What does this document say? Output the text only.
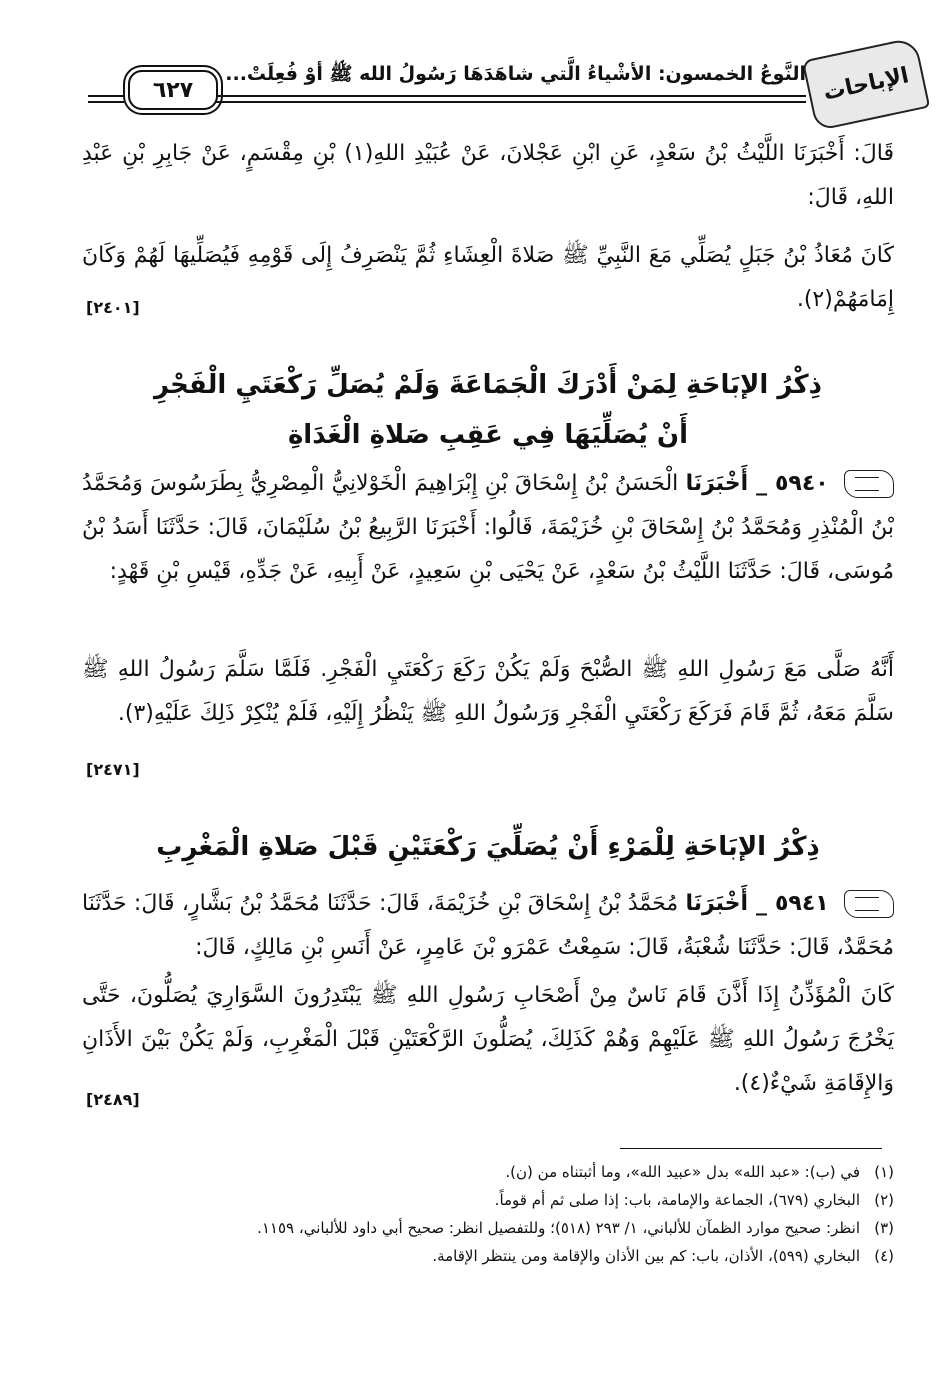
الإباحات
النَّوعُ الخمسون: الأشْياءُ الَّتي شاهَدَهَا رَسُولُ الله ﷺ أوْ فُعِلَتْ...
٦٢٧

قَالَ: أَخْبَرَنَا اللَّيْثُ بْنُ سَعْدٍ، عَنِ ابْنِ عَجْلانَ، عَنْ عُبَيْدِ اللهِ(١) بْنِ مِقْسَمٍ، عَنْ جَابِرِ بْنِ عَبْدِ اللهِ، قَالَ:

كَانَ مُعَاذُ بْنُ جَبَلٍ يُصَلِّي مَعَ النَّبِيِّ ﷺ صَلاةَ الْعِشَاءِ ثُمَّ يَنْصَرِفُ إِلَى قَوْمِهِ فَيُصَلِّيهَا لَهُمْ وَكَانَ إِمَامَهُمْ(٢).

[٢٤٠١]

ذِكْرُ الإبَاحَةِ لِمَنْ أَدْرَكَ الْجَمَاعَةَ وَلَمْ يُصَلِّ رَكْعَتَيِ الْفَجْرِ

أَنْ يُصَلِّيَهَا فِي عَقِبِ صَلاةِ الْغَدَاةِ

٥٩٤٠ _ أَخْبَرَنَا الْحَسَنُ بْنُ إِسْحَاقَ بْنِ إِبْرَاهِيمَ الْخَوْلانِيُّ الْمِصْرِيُّ بِطَرَسُوسَ وَمُحَمَّدُ بْنُ الْمُنْذِرِ وَمُحَمَّدُ بْنُ إِسْحَاقَ بْنِ خُزَيْمَةَ، قَالُوا: أَخْبَرَنَا الرَّبِيعُ بْنُ سُلَيْمَانَ، قَالَ: حَدَّثَنَا أَسَدُ بْنُ مُوسَى، قَالَ: حَدَّثَنَا اللَّيْثُ بْنُ سَعْدٍ، عَنْ يَحْيَى بْنِ سَعِيدٍ، عَنْ أَبِيهِ، عَنْ جَدِّهِ، قَيْسِ بْنِ قَهْدٍ:

أَنَّهُ صَلَّى مَعَ رَسُولِ اللهِ ﷺ الصُّبْحَ وَلَمْ يَكُنْ رَكَعَ رَكْعَتَيِ الْفَجْرِ. فَلَمَّا سَلَّمَ رَسُولُ اللهِ ﷺ سَلَّمَ مَعَهُ، ثُمَّ قَامَ فَرَكَعَ رَكْعَتَيِ الْفَجْرِ وَرَسُولُ اللهِ ﷺ يَنْظُرُ إِلَيْهِ، فَلَمْ يُنْكِرْ ذَلِكَ عَلَيْهِ(٣).

[٢٤٧١]

ذِكْرُ الإبَاحَةِ لِلْمَرْءِ أَنْ يُصَلِّيَ رَكْعَتَيْنِ قَبْلَ صَلاةِ الْمَغْرِبِ

٥٩٤١ _ أَخْبَرَنَا مُحَمَّدُ بْنُ إِسْحَاقَ بْنِ خُزَيْمَةَ، قَالَ: حَدَّثَنَا مُحَمَّدُ بْنُ بَشَّارٍ، قَالَ: حَدَّثَنَا مُحَمَّدٌ، قَالَ: حَدَّثَنَا شُعْبَةُ، قَالَ: سَمِعْتُ عَمْرَو بْنَ عَامِرٍ، عَنْ أَنَسِ بْنِ مَالِكٍ، قَالَ:

كَانَ الْمُؤَذِّنُ إِذَا أَذَّنَ قَامَ نَاسٌ مِنْ أَصْحَابِ رَسُولِ اللهِ ﷺ يَبْتَدِرُونَ السَّوَارِيَ يُصَلُّونَ، حَتَّى يَخْرُجَ رَسُولُ اللهِ ﷺ عَلَيْهِمْ وَهُمْ كَذَلِكَ، يُصَلُّونَ الرَّكْعَتَيْنِ قَبْلَ الْمَغْرِبِ، وَلَمْ يَكُنْ بَيْنَ الأَذَانِ وَالإِقَامَةِ شَيْءٌ(٤).

[٢٤٨٩]

(١)في (ب): «عبد الله» بدل «عبيد الله»، وما أثبتناه من (ن).

(٢)البخاري (٦٧٩)، الجماعة والإمامة، باب: إذا صلى ثم أم قوماً.

(٣)انظر: صحيح موارد الظمآن للألباني، ١/ ٢٩٣ (٥١٨)؛ وللتفصيل انظر: صحيح أبي داود للألباني، ١١٥٩.

(٤)البخاري (٥٩٩)، الأذان، باب: كم بين الأذان والإقامة ومن ينتظر الإقامة.
